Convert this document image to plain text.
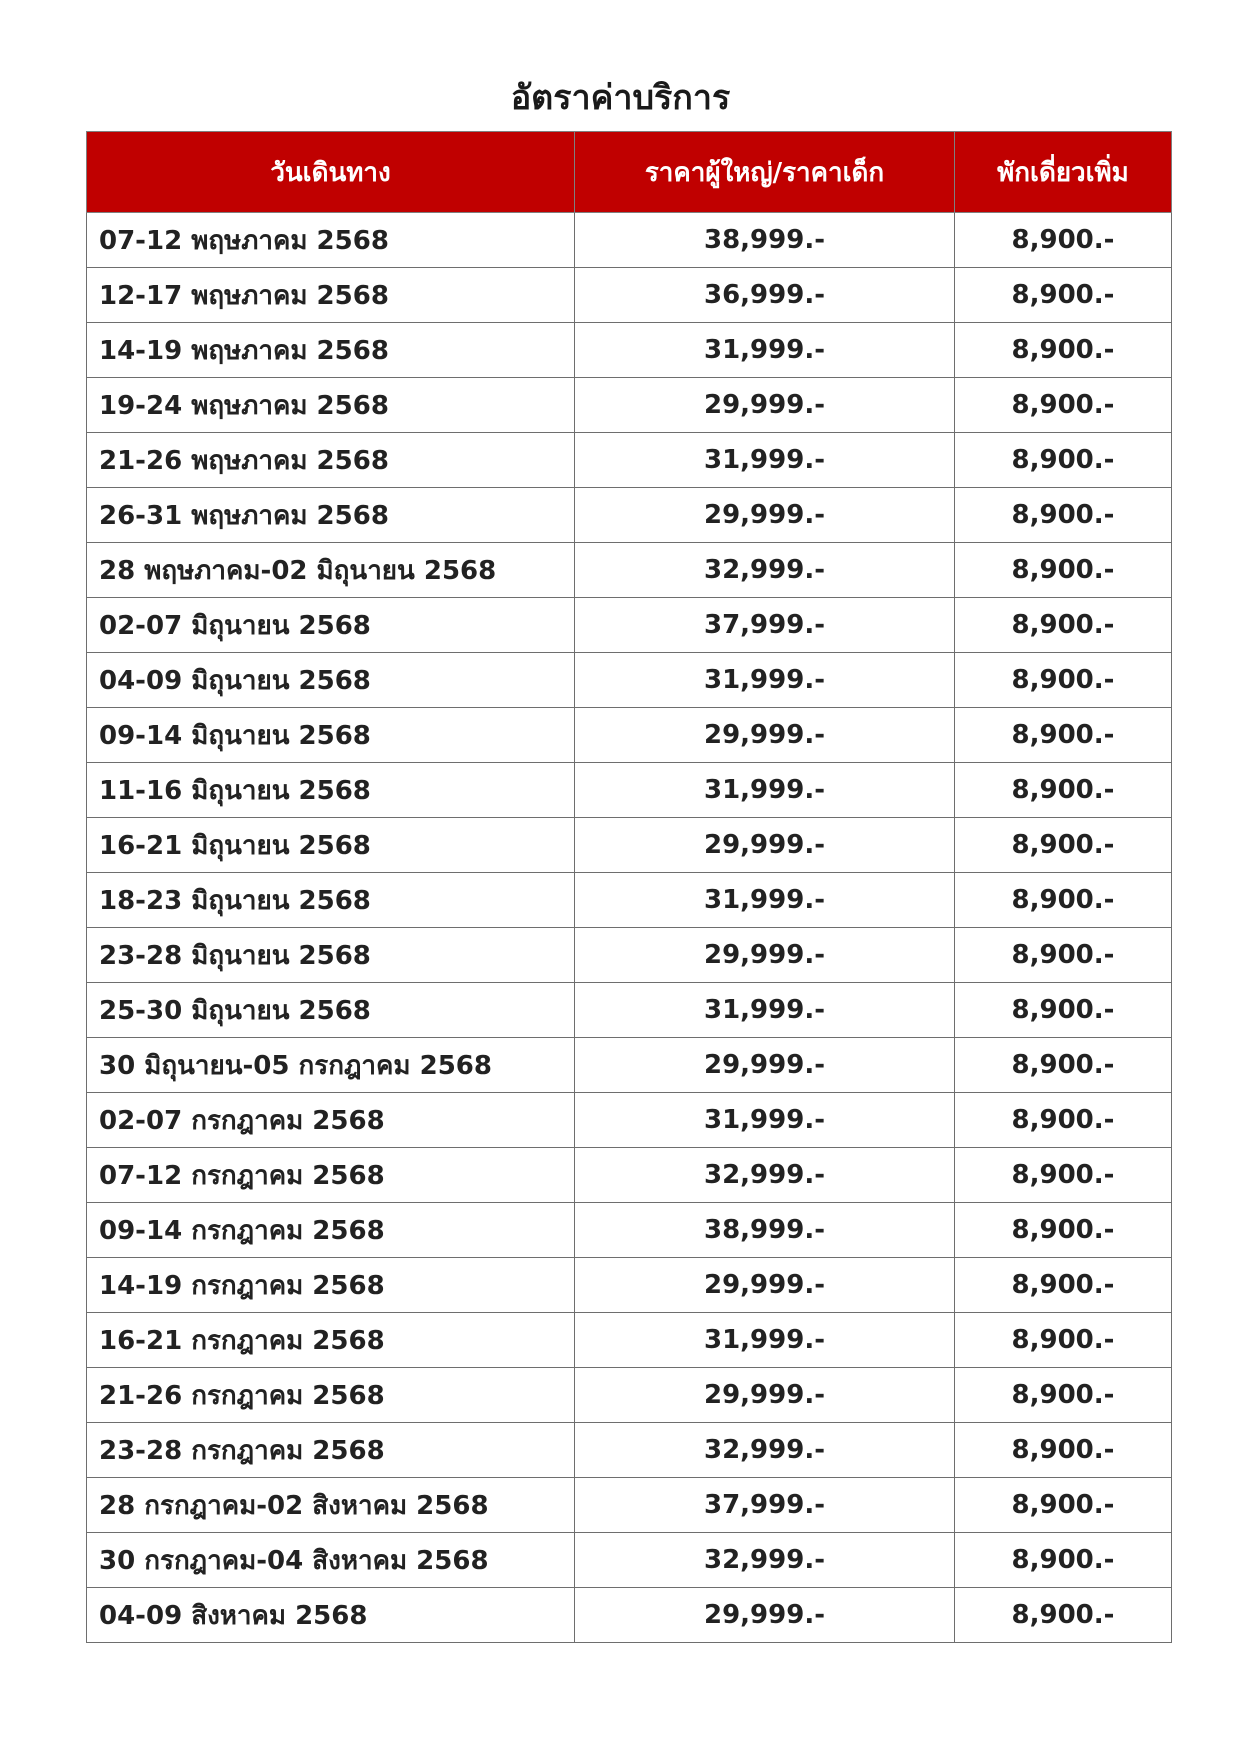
อัตราค่าบริการ
วันเดินทาง	ราคาผู้ใหญ่/ราคาเด็ก	พักเดี่ยวเพิ่ม
07-12 พฤษภาคม 2568	38,999.-	8,900.-
12-17 พฤษภาคม 2568	36,999.-	8,900.-
14-19 พฤษภาคม 2568	31,999.-	8,900.-
19-24 พฤษภาคม 2568	29,999.-	8,900.-
21-26 พฤษภาคม 2568	31,999.-	8,900.-
26-31 พฤษภาคม 2568	29,999.-	8,900.-
28 พฤษภาคม-02 มิถุนายน 2568	32,999.-	8,900.-
02-07 มิถุนายน 2568	37,999.-	8,900.-
04-09 มิถุนายน 2568	31,999.-	8,900.-
09-14 มิถุนายน 2568	29,999.-	8,900.-
11-16 มิถุนายน 2568	31,999.-	8,900.-
16-21 มิถุนายน 2568	29,999.-	8,900.-
18-23 มิถุนายน 2568	31,999.-	8,900.-
23-28 มิถุนายน 2568	29,999.-	8,900.-
25-30 มิถุนายน 2568	31,999.-	8,900.-
30 มิถุนายน-05 กรกฎาคม 2568	29,999.-	8,900.-
02-07 กรกฎาคม 2568	31,999.-	8,900.-
07-12 กรกฎาคม 2568	32,999.-	8,900.-
09-14 กรกฎาคม 2568	38,999.-	8,900.-
14-19 กรกฎาคม 2568	29,999.-	8,900.-
16-21 กรกฎาคม 2568	31,999.-	8,900.-
21-26 กรกฎาคม 2568	29,999.-	8,900.-
23-28 กรกฎาคม 2568	32,999.-	8,900.-
28 กรกฎาคม-02 สิงหาคม 2568	37,999.-	8,900.-
30 กรกฎาคม-04 สิงหาคม 2568	32,999.-	8,900.-
04-09 สิงหาคม 2568	29,999.-	8,900.-
